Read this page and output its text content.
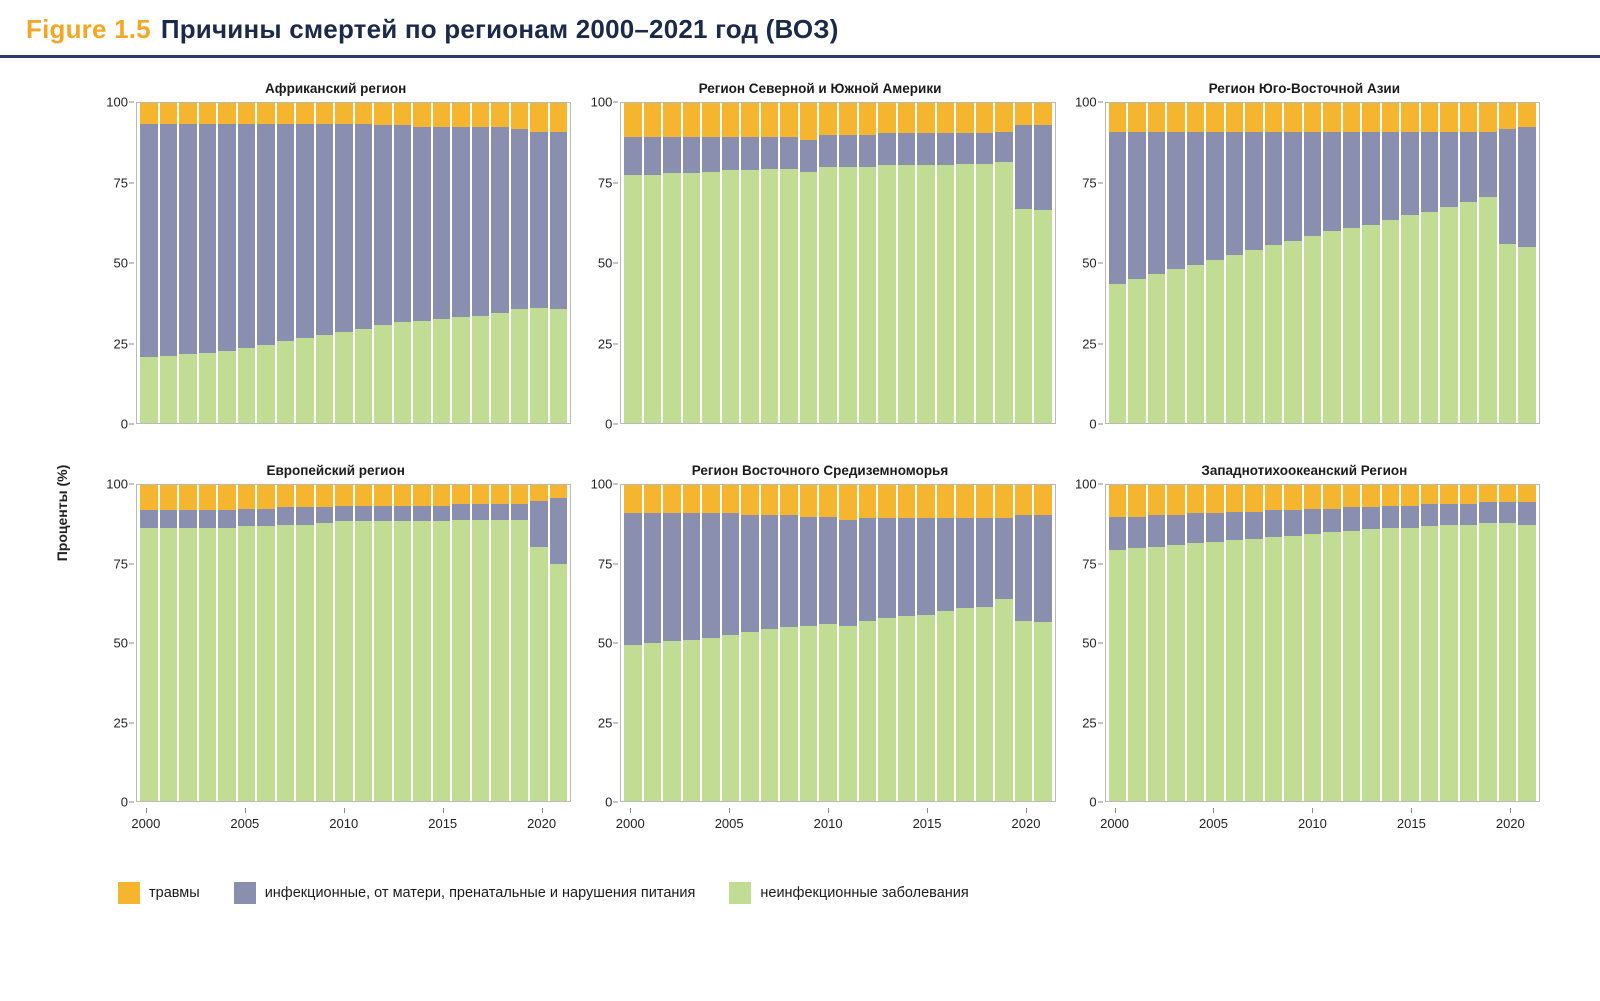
Figure 1.5 Причины смертей по регионам 2000–2021 год (ВОЗ)
Проценты (%)
Африканский регион
0
25
50
75
100
Регион Северной и Южной Америки
0
25
50
75
100
Регион Юго-Восточной Азии
0
25
50
75
100
Европейский регион
0
25
50
75
100
2000	2005	2010	2015	2020
Регион Восточного Средиземноморья
0
25
50
75
100
2000	2005	2010	2015	2020
Западнотихоокеанский Регион
0
25
50
75
100
2000	2005	2010	2015	2020
травмы	инфекционные, от матери, пренатальные и нарушения питания	неинфекционные заболевания
